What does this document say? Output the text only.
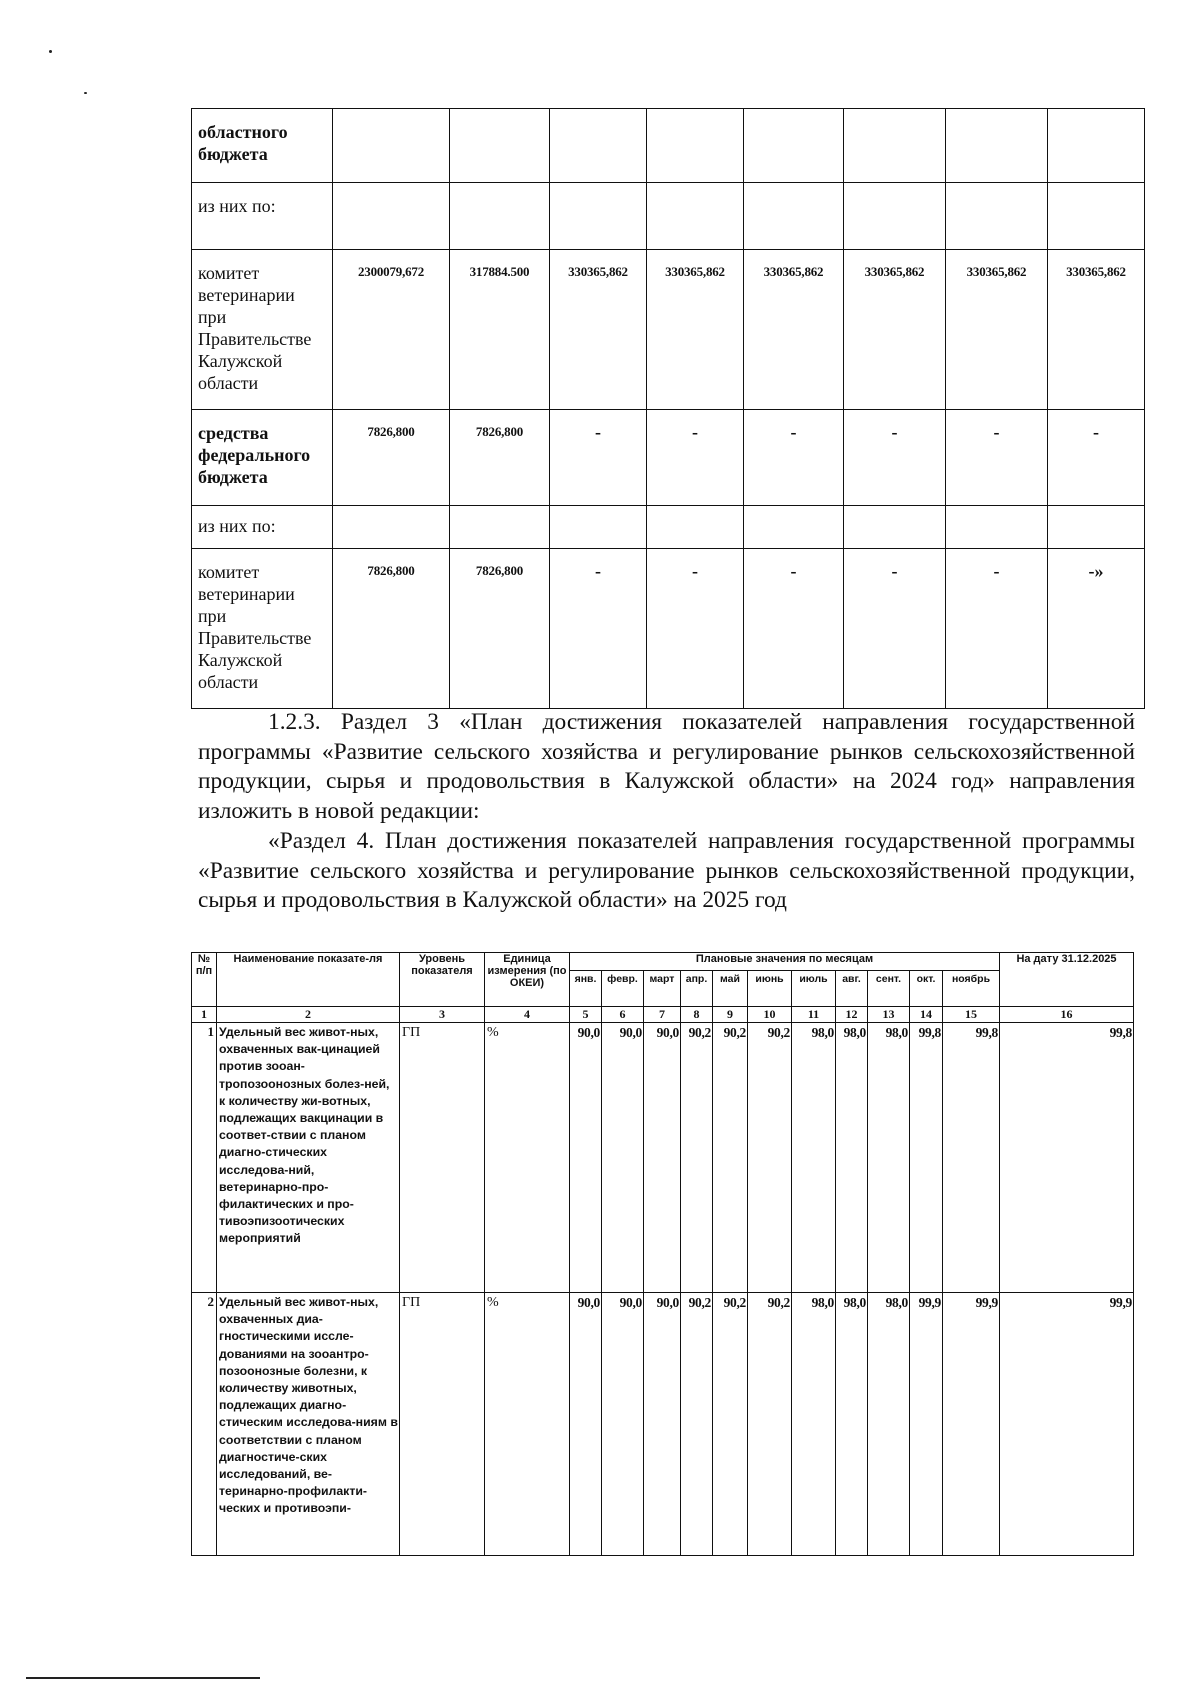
областного бюджета								
из них по:								
комитет ветеринарии при Правительстве Калужской области	2300079,672	317884.500	330365,862	330365,862	330365,862	330365,862	330365,862	330365,862
средства федерального бюджета	7826,800	7826,800	-	-	-	-	-	-
из них по:								
комитет ветеринарии при Правительстве Калужской области	7826,800	7826,800	-	-	-	-	-	-»
1.2.3. Раздел 3 «План достижения показателей направления государственной программы «Развитие сельского хозяйства и регулирование рынков сельскохозяйственной продукции, сырья и продовольствия в Калужской области» на 2024 год» направления изложить в новой редакции:
«Раздел 4. План достижения показателей направления государственной программы «Развитие сельского хозяйства и регулирование рынков сельскохозяйственной продукции, сырья и продовольствия в Калужской области» на 2025 год
№ п/п	Наименование показате-ля	Уровень показателя	Единица измерения (по ОКЕИ)	Плановые значения по месяцам											На дату 31.12.2025
				янв.	февр.	март	апр.	май	июнь	июль	авг.	сент.	окт.	ноябрь	
1	2	3	4	5	6	7	8	9	10	11	12	13	14	15	16
1	Удельный вес живот-ных, охваченных вак-цинацией против зооан-тропозоонозных болез-ней, к количеству жи-вотных, подлежащих вакцинации в соответ-ствии с планом диагно-стических исследова-ний, ветеринарно-про-филактических и про-тивоэпизоотических мероприятий	ГП	%	90,0	90,0	90,0	90,2	90,2	90,2	98,0	98,0	98,0	99,8	99,8	99,8
2	Удельный вес живот-ных, охваченных диа-гностическими иссле-дованиями на зооантро-позоонозные болезни, к количеству животных, подлежащих диагно-стическим исследова-ниям в соответствии с планом диагностиче-ских исследований, ве-теринарно-профилакти-ческих и противоэпи-	ГП	%	90,0	90,0	90,0	90,2	90,2	90,2	98,0	98,0	98,0	99,9	99,9	99,9
